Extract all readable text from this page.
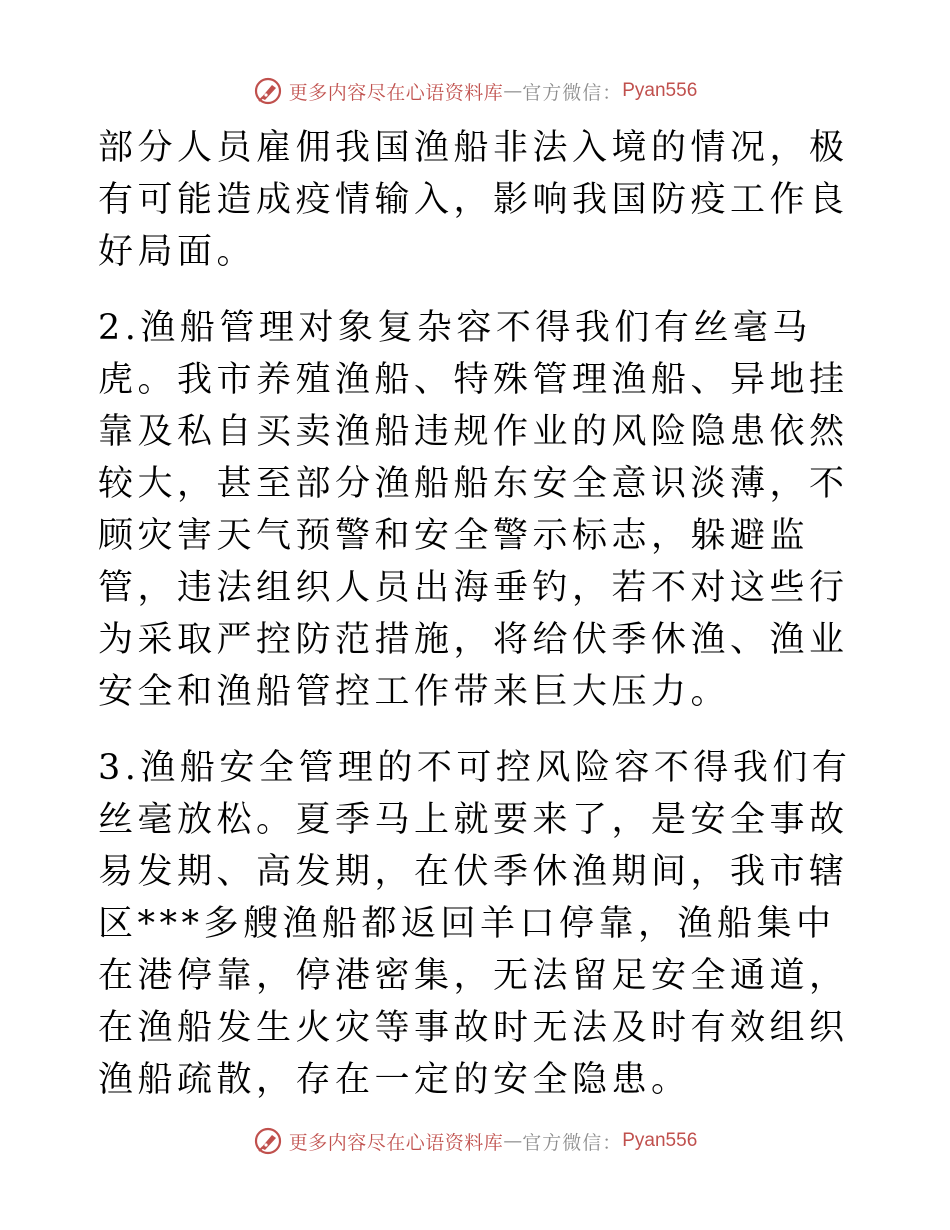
更多内容尽在心语资料库 — 官方微信： Pyan556

部分人员雇佣我国渔船非法入境的情况，极有可能造成疫情输入，影响我国防疫工作良好局面。

2.渔船管理对象复杂容不得我们有丝毫马虎。我市养殖渔船、特殊管理渔船、异地挂靠及私自买卖渔船违规作业的风险隐患依然较大，甚至部分渔船船东安全意识淡薄，不顾灾害天气预警和安全警示标志，躲避监管，违法组织人员出海垂钓，若不对这些行为采取严控防范措施，将给伏季休渔、渔业安全和渔船管控工作带来巨大压力。

3.渔船安全管理的不可控风险容不得我们有丝毫放松。夏季马上就要来了，是安全事故易发期、高发期，在伏季休渔期间，我市辖区***多艘渔船都返回羊口停靠，渔船集中在港停靠，停港密集，无法留足安全通道，在渔船发生火灾等事故时无法及时有效组织渔船疏散，存在一定的安全隐患。

更多内容尽在心语资料库 — 官方微信： Pyan556
